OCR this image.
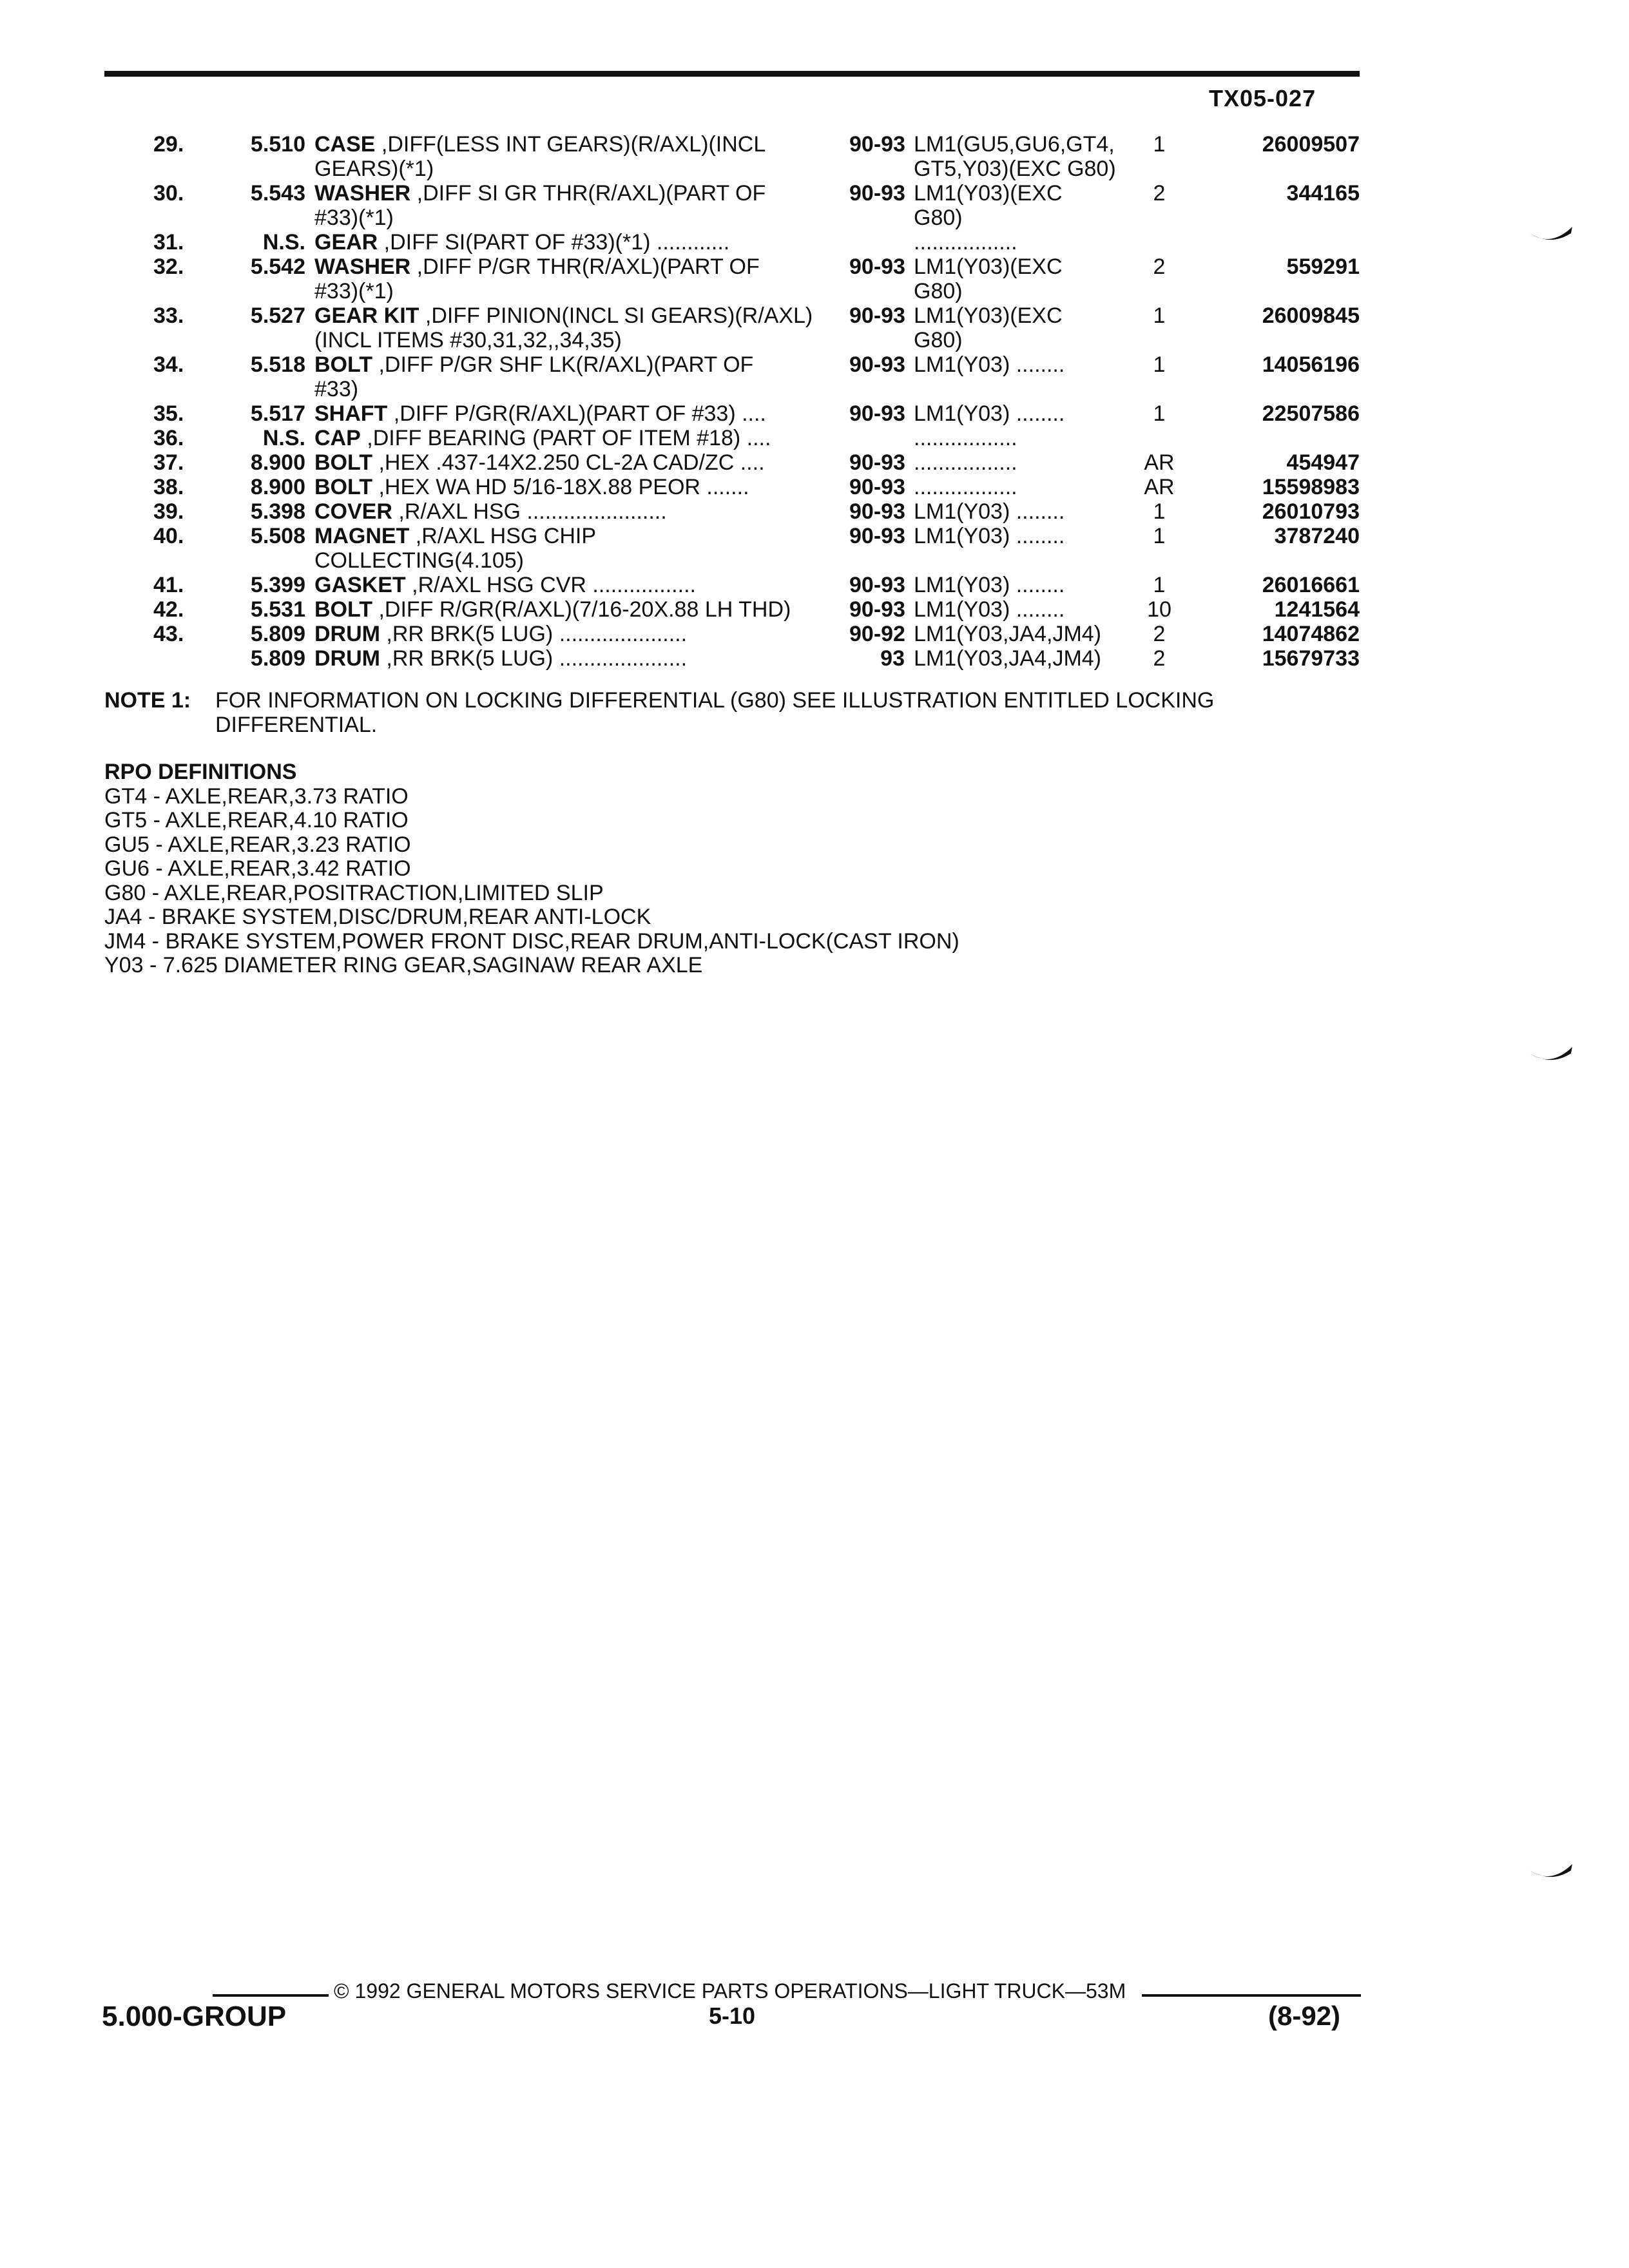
TX05-027
29.	5.510	CASE ,DIFF(LESS INT GEARS)(R/AXL)(INCL	90-93	LM1(GU5,GU6,GT4,	1	26009507
		GEARS)(*1)		GT5,Y03)(EXC G80)		
30.	5.543	WASHER ,DIFF SI GR THR(R/AXL)(PART OF	90-93	LM1(Y03)(EXC	2	344165
		#33)(*1)		G80)		
31.	N.S.	GEAR ,DIFF SI(PART OF #33)(*1) ............		.................		
32.	5.542	WASHER ,DIFF P/GR THR(R/AXL)(PART OF	90-93	LM1(Y03)(EXC	2	559291
		#33)(*1)		G80)		
33.	5.527	GEAR KIT ,DIFF PINION(INCL SI GEARS)(R/AXL)	90-93	LM1(Y03)(EXC	1	26009845
		(INCL ITEMS #30,31,32,,34,35)		G80)		
34.	5.518	BOLT ,DIFF P/GR SHF LK(R/AXL)(PART OF	90-93	LM1(Y03) ........	1	14056196
		#33)				
35.	5.517	SHAFT ,DIFF P/GR(R/AXL)(PART OF #33) ....	90-93	LM1(Y03) ........	1	22507586
36.	N.S.	CAP ,DIFF BEARING (PART OF ITEM #18) ....		.................		
37.	8.900	BOLT ,HEX .437-14X2.250 CL-2A CAD/ZC ....	90-93	.................	AR	454947
38.	8.900	BOLT ,HEX WA HD 5/16-18X.88 PEOR .......	90-93	.................	AR	15598983
39.	5.398	COVER ,R/AXL HSG .......................	90-93	LM1(Y03) ........	1	26010793
40.	5.508	MAGNET ,R/AXL HSG CHIP	90-93	LM1(Y03) ........	1	3787240
		COLLECTING(4.105)				
41.	5.399	GASKET ,R/AXL HSG CVR .................	90-93	LM1(Y03) ........	1	26016661
42.	5.531	BOLT ,DIFF R/GR(R/AXL)(7/16-20X.88 LH THD)	90-93	LM1(Y03) ........	10	1241564
43.	5.809	DRUM ,RR BRK(5 LUG) .....................	90-92	LM1(Y03,JA4,JM4)	2	14074862
	5.809	DRUM ,RR BRK(5 LUG) .....................	93	LM1(Y03,JA4,JM4)	2	15679733
NOTE 1: FOR INFORMATION ON LOCKING DIFFERENTIAL (G80) SEE ILLUSTRATION ENTITLED LOCKING
DIFFERENTIAL.
RPO DEFINITIONS
GT4 - AXLE,REAR,3.73 RATIO
GT5 - AXLE,REAR,4.10 RATIO
GU5 - AXLE,REAR,3.23 RATIO
GU6 - AXLE,REAR,3.42 RATIO
G80 - AXLE,REAR,POSITRACTION,LIMITED SLIP
JA4 - BRAKE SYSTEM,DISC/DRUM,REAR ANTI-LOCK
JM4 - BRAKE SYSTEM,POWER FRONT DISC,REAR DRUM,ANTI-LOCK(CAST IRON)
Y03 - 7.625 DIAMETER RING GEAR,SAGINAW REAR AXLE
© 1992 GENERAL MOTORS SERVICE PARTS OPERATIONS—LIGHT TRUCK—53M
5.000-GROUP	5-10	(8-92)
